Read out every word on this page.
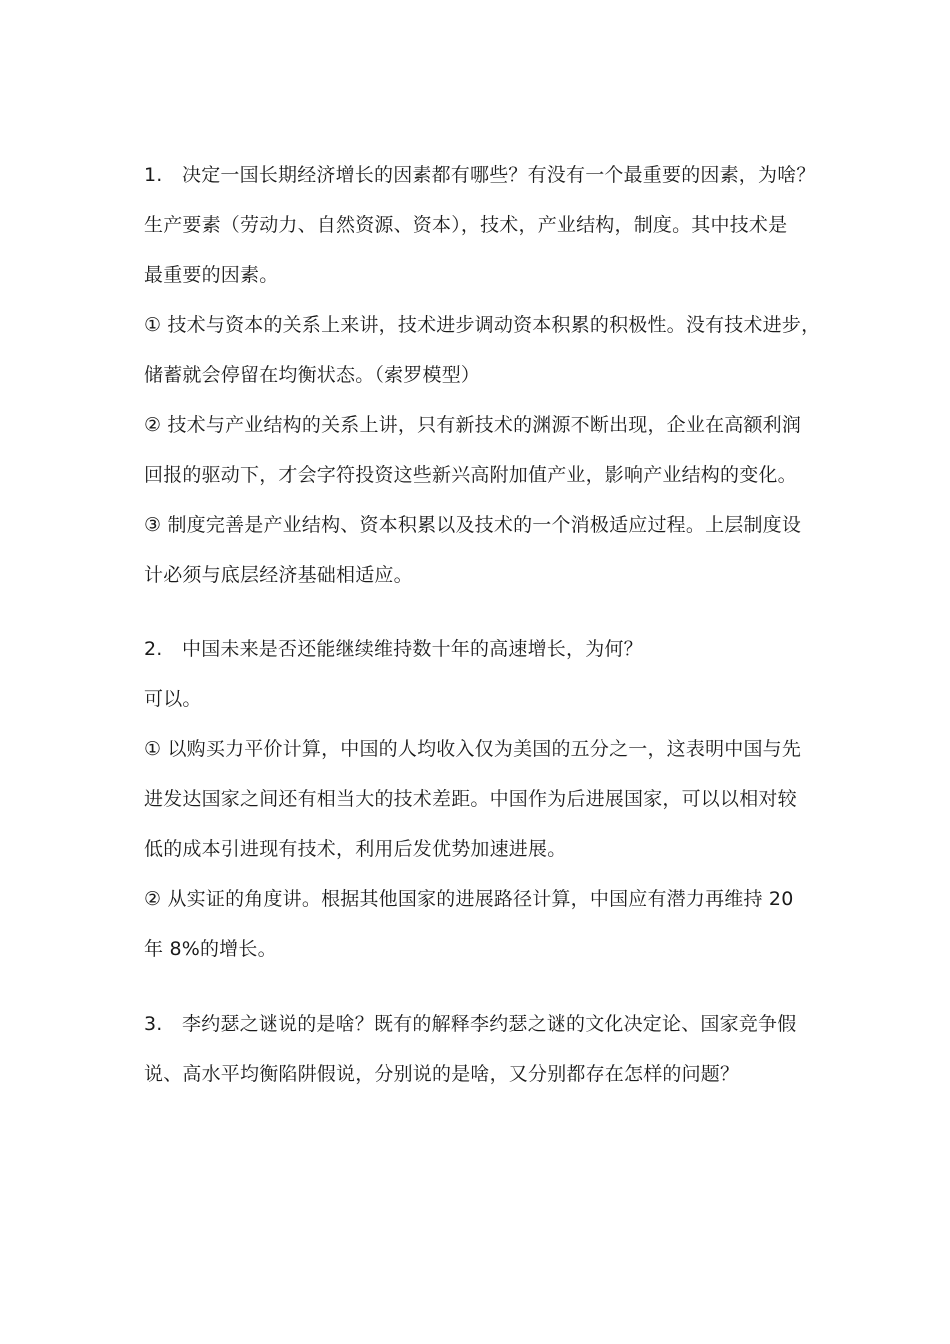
1. 决定一国长期经济增长的因素都有哪些？有没有一个最重要的因素，为啥？
生产要素（劳动力、自然资源、资本），技术，产业结构，制度。其中技术是
最重要的因素。
① 技术与资本的关系上来讲，技术进步调动资本积累的积极性。没有技术进步，
储蓄就会停留在均衡状态。（索罗模型）
② 技术与产业结构的关系上讲，只有新技术的渊源不断出现，企业在高额利润
回报的驱动下，才会字符投资这些新兴高附加值产业，影响产业结构的变化。
③ 制度完善是产业结构、资本积累以及技术的一个消极适应过程。上层制度设
计必须与底层经济基础相适应。
2. 中国未来是否还能继续维持数十年的高速增长，为何？
可以。
① 以购买力平价计算，中国的人均收入仅为美国的五分之一，这表明中国与先
进发达国家之间还有相当大的技术差距。中国作为后进展国家，可以以相对较
低的成本引进现有技术，利用后发优势加速进展。
② 从实证的角度讲。根据其他国家的进展路径计算，中国应有潜力再维持 20
年 8%的增长。
3. 李约瑟之谜说的是啥？既有的解释李约瑟之谜的文化决定论、国家竞争假
说、高水平均衡陷阱假说，分别说的是啥，又分别都存在怎样的问题？
